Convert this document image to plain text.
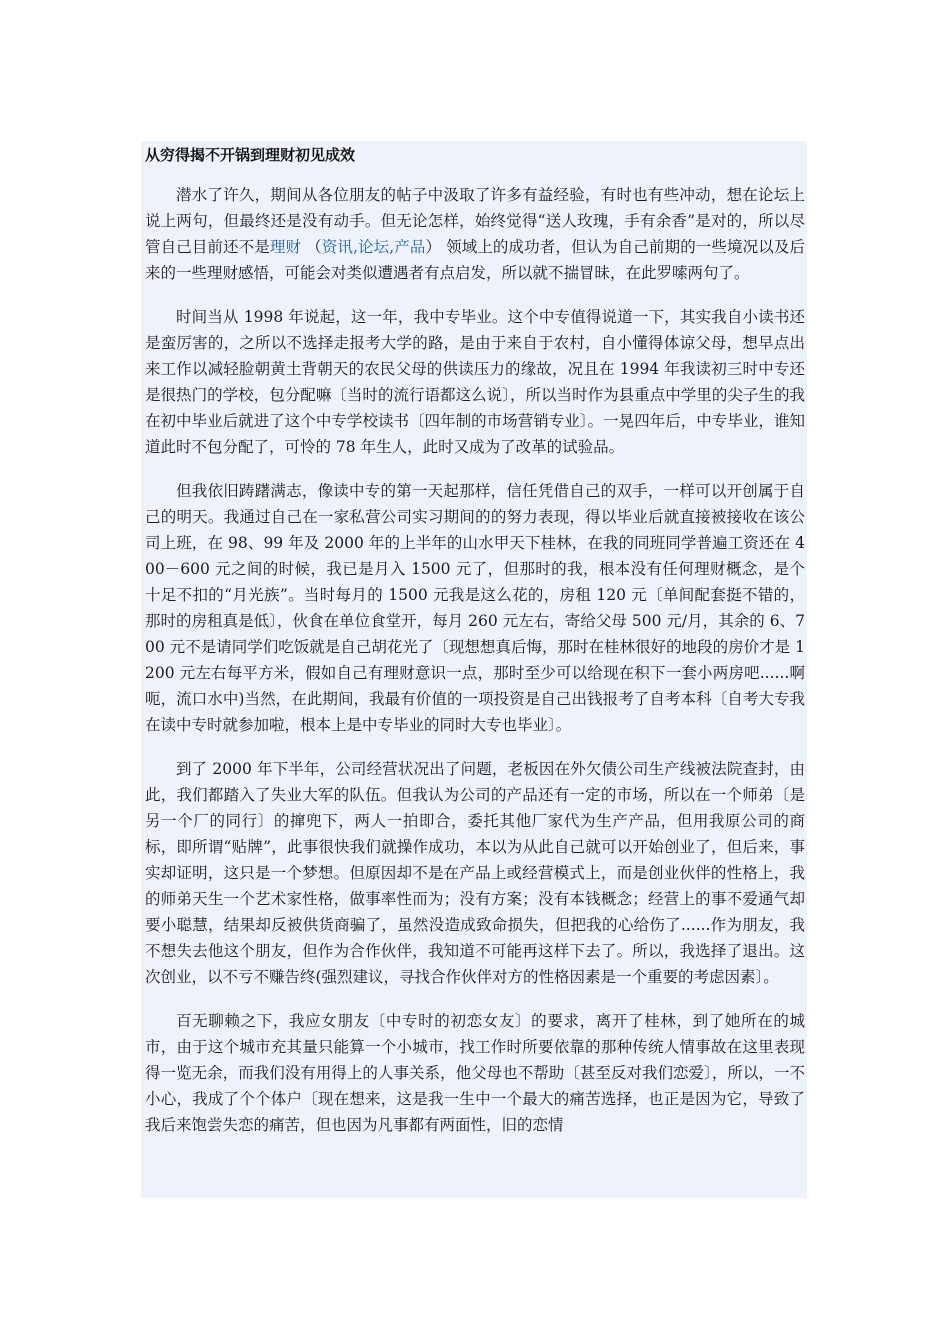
从穷得揭不开锅到理财初见成效

潜水了许久，期间从各位朋友的帖子中汲取了许多有益经验，有时也有些冲动，想在论坛上说上两句，但最终还是没有动手。但无论怎样，始终觉得“送人玫瑰，手有余香”是对的，所以尽管自己目前还不是理财 （资讯,论坛,产品） 领域上的成功者，但认为自己前期的一些境况以及后来的一些理财感悟，可能会对类似遭遇者有点启发，所以就不揣冒昧，在此罗嗦两句了。

时间当从 1998 年说起，这一年，我中专毕业。这个中专值得说道一下，其实我自小读书还是蛮厉害的，之所以不选择走报考大学的路，是由于来自于农村，自小懂得体谅父母，想早点出来工作以减轻脸朝黄土背朝天的农民父母的供读压力的缘故，况且在 1994 年我读初三时中专还是很热门的学校，包分配嘛〔当时的流行语都这么说〕，所以当时作为县重点中学里的尖子生的我在初中毕业后就进了这个中专学校读书〔四年制的市场营销专业〕。一晃四年后，中专毕业，谁知道此时不包分配了，可怜的 78 年生人，此时又成为了改革的试验品。

但我依旧踌躇满志，像读中专的第一天起那样，信任凭借自己的双手，一样可以开创属于自己的明天。我通过自己在一家私营公司实习期间的的努力表现，得以毕业后就直接被接收在该公司上班，在 98、99 年及 2000 年的上半年的山水甲天下桂林，在我的同班同学普遍工资还在 400－600 元之间的时候，我已是月入 1500 元了，但那时的我，根本没有任何理财概念，是个十足不扣的“月光族”。当时每月的 1500 元我是这么花的，房租 120 元〔单间配套挺不错的，那时的房租真是低〕，伙食在单位食堂开，每月 260 元左右，寄给父母 500 元/月，其余的 6、700 元不是请同学们吃饭就是自己胡花光了〔现想想真后悔，那时在桂林很好的地段的房价才是 1200 元左右每平方米，假如自己有理财意识一点，那时至少可以给现在积下一套小两房吧......啊呃，流口水中)当然，在此期间，我最有价值的一项投资是自己出钱报考了自考本科〔自考大专我在读中专时就参加啦，根本上是中专毕业的同时大专也毕业〕。

到了 2000 年下半年，公司经营状况出了问题，老板因在外欠债公司生产线被法院查封，由此，我们都踏入了失业大军的队伍。但我认为公司的产品还有一定的市场，所以在一个师弟〔是另一个厂的同行〕的撺兜下，两人一拍即合，委托其他厂家代为生产产品，但用我原公司的商标，即所谓“贴牌”，此事很快我们就操作成功，本以为从此自己就可以开始创业了，但后来，事实却证明，这只是一个梦想。但原因却不是在产品上或经营模式上，而是创业伙伴的性格上，我的师弟天生一个艺术家性格，做事率性而为；没有方案；没有本钱概念；经营上的事不爱通气却要小聪慧，结果却反被供货商骗了，虽然没造成致命损失，但把我的心给伤了......作为朋友，我不想失去他这个朋友，但作为合作伙伴，我知道不可能再这样下去了。所以，我选择了退出。这次创业，以不亏不赚告终(强烈建议，寻找合作伙伴对方的性格因素是一个重要的考虑因素〕。

百无聊赖之下，我应女朋友〔中专时的初恋女友〕的要求，离开了桂林，到了她所在的城市，由于这个城市充其量只能算一个小城市，找工作时所要依靠的那种传统人情事故在这里表现得一览无余，而我们没有用得上的人事关系，他父母也不帮助〔甚至反对我们恋爱〕，所以，一不小心，我成了个个体户〔现在想来，这是我一生中一个最大的痛苦选择，也正是因为它，导致了我后来饱尝失恋的痛苦，但也因为凡事都有两面性，旧的恋情
